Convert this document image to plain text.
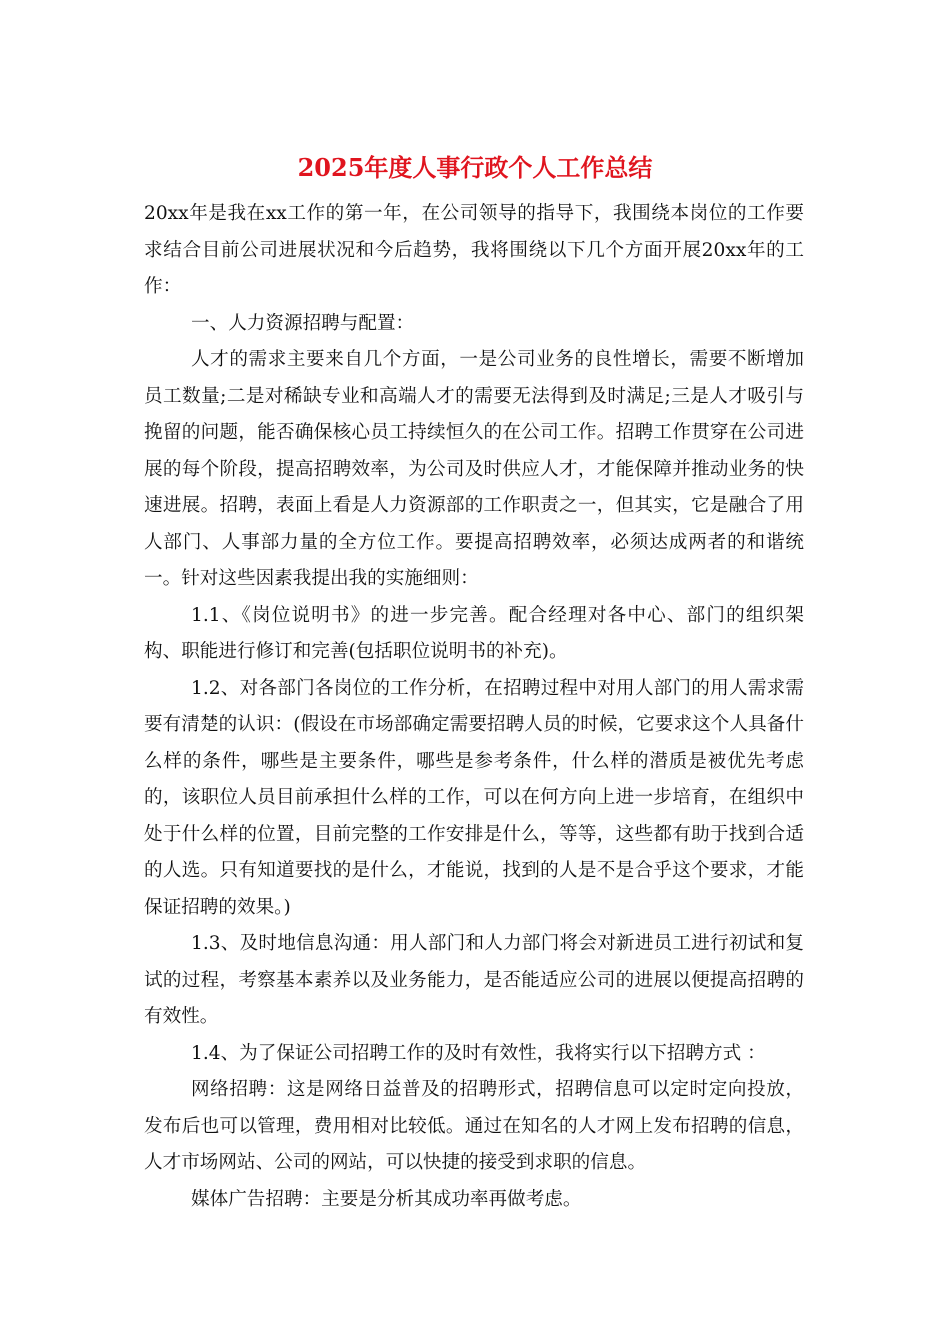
2025年度人事行政个人工作总结

20xx年是我在xx工作的第一年，在公司领导的指导下，我围绕本岗位的工作要求结合目前公司进展状况和今后趋势，我将围绕以下几个方面开展20xx年的工作：

一、人力资源招聘与配置：

人才的需求主要来自几个方面，一是公司业务的良性增长，需要不断增加员工数量;二是对稀缺专业和高端人才的需要无法得到及时满足;三是人才吸引与挽留的问题，能否确保核心员工持续恒久的在公司工作。招聘工作贯穿在公司进展的每个阶段，提高招聘效率，为公司及时供应人才，才能保障并推动业务的快速进展。招聘，表面上看是人力资源部的工作职责之一，但其实，它是融合了用人部门、人事部力量的全方位工作。要提高招聘效率，必须达成两者的和谐统一。针对这些因素我提出我的实施细则：

1.1、《岗位说明书》的进一步完善。配合经理对各中心、部门的组织架构、职能进行修订和完善(包括职位说明书的补充)。

1.2、对各部门各岗位的工作分析，在招聘过程中对用人部门的用人需求需要有清楚的认识：(假设在市场部确定需要招聘人员的时候，它要求这个人具备什么样的条件，哪些是主要条件，哪些是参考条件，什么样的潜质是被优先考虑的，该职位人员目前承担什么样的工作，可以在何方向上进一步培育，在组织中处于什么样的位置，目前完整的工作安排是什么，等等，这些都有助于找到合适的人选。只有知道要找的是什么，才能说，找到的人是不是合乎这个要求，才能保证招聘的效果。)

1.3、及时地信息沟通：用人部门和人力部门将会对新进员工进行初试和复试的过程，考察基本素养以及业务能力，是否能适应公司的进展以便提高招聘的有效性。

1.4、为了保证公司招聘工作的及时有效性，我将实行以下招聘方式 ：

网络招聘：这是网络日益普及的招聘形式，招聘信息可以定时定向投放，发布后也可以管理，费用相对比较低。通过在知名的人才网上发布招聘的信息，人才市场网站、公司的网站，可以快捷的接受到求职的信息。

媒体广告招聘：主要是分析其成功率再做考虑。
